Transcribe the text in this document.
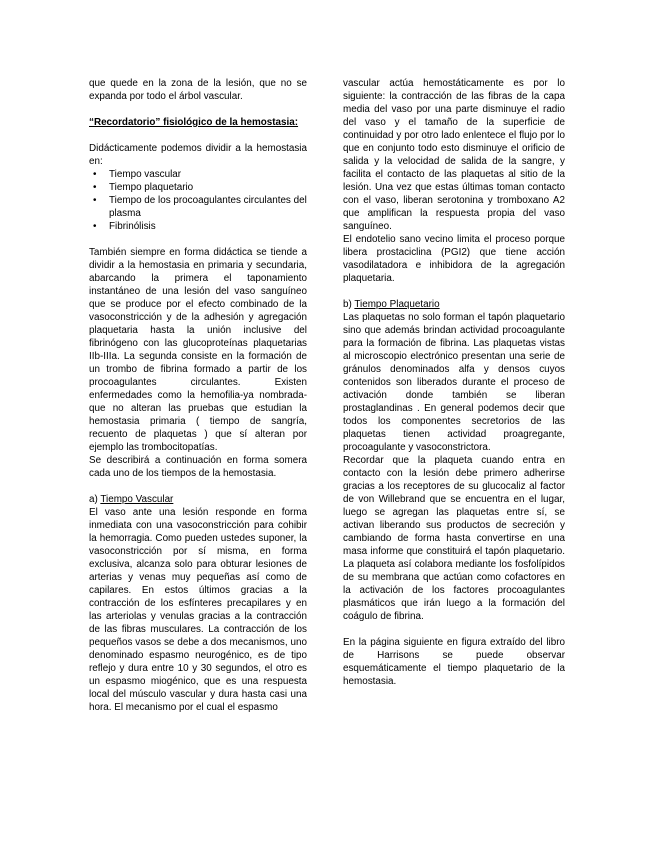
que quede en la zona de la lesión, que no se expanda por todo el árbol vascular.

“Recordatorio” fisiológico de la hemostasia:

Didácticamente podemos dividir a la hemostasia en:

• Tiempo vascular
• Tiempo plaquetario
• Tiempo de los procoagulantes circulantes del plasma
• Fibrinólisis

También siempre en forma didáctica se tiende a dividir a la hemostasia en primaria y secundaria, abarcando la primera el taponamiento instantáneo de una lesión del vaso sanguíneo que se produce por el efecto combinado de la vasoconstricción y de la adhesión y agregación plaquetaria hasta la unión inclusive del fibrinógeno con las glucoproteínas plaquetarias IIb-IIIa. La segunda consiste en la formación de un trombo de fibrina formado a partir de los procoagulantes circulantes. Existen enfermedades como la hemofilia-ya nombrada- que no alteran las pruebas que estudian la hemostasia primaria ( tiempo de sangría, recuento de plaquetas ) que sí alteran por ejemplo las trombocitopatías.

Se describirá a continuación en forma somera cada uno de los tiempos de la hemostasia.

a) Tiempo Vascular

El vaso ante una lesión responde en forma inmediata con una vasoconstricción para cohibir la hemorragia. Como pueden ustedes suponer, la vasoconstricción por sí misma, en forma exclusiva, alcanza solo para obturar lesiones de arterias y venas muy pequeñas así como de capilares. En estos últimos gracias a la contracción de los esfínteres precapilares y en las arteriolas y venulas gracias a la contracción de las fibras musculares. La contracción de los pequeños vasos se debe a dos mecanismos, uno denominado espasmo neurogénico, es de tipo reflejo y dura entre 10 y 30 segundos, el otro es un espasmo miogénico, que es una respuesta local del músculo vascular y dura hasta casi una hora. El mecanismo por el cual el espasmo

vascular actúa hemostáticamente es por lo siguiente: la contracción de las fibras de la capa media del vaso por una parte disminuye el radio del vaso y el tamaño de la superficie de continuidad y por otro lado enlentece el flujo por lo que en conjunto todo esto disminuye el orificio de salida y la velocidad de salida de la sangre, y facilita el contacto de las plaquetas al sitio de la lesión. Una vez que estas últimas toman contacto con el vaso, liberan serotonina y tromboxano A2 que amplifican la respuesta propia del vaso sanguíneo.

El endotelio sano vecino limita el proceso porque libera prostaciclina (PGI2) que tiene acción vasodilatadora e inhibidora de la agregación plaquetaria.

b) Tiempo Plaquetario

Las plaquetas no solo forman el tapón plaquetario sino que además brindan actividad procoagulante para la formación de fibrina. Las plaquetas vistas al microscopio electrónico presentan una serie de gránulos denominados alfa y densos cuyos contenidos son liberados durante el proceso de activación donde también se liberan prostaglandinas . En general podemos decir que todos los componentes secretorios de las plaquetas tienen actividad proagregante, procoagulante y vasoconstrictora.

Recordar que la plaqueta cuando entra en contacto con la lesión debe primero adherirse gracias a los receptores de su glucocaliz al factor de von Willebrand que se encuentra en el lugar, luego se agregan las plaquetas entre sí, se activan liberando sus productos de secreción y cambiando de forma hasta convertirse en una masa informe que constituirá el tapón plaquetario. La plaqueta así colabora mediante los fosfolípidos de su membrana que actúan como cofactores en la activación de los factores procoagulantes plasmáticos que irán luego a la formación del coágulo de fibrina.

En la página siguiente en figura extraído del libro de Harrisons se puede observar esquemáticamente el tiempo plaquetario de la hemostasia.
